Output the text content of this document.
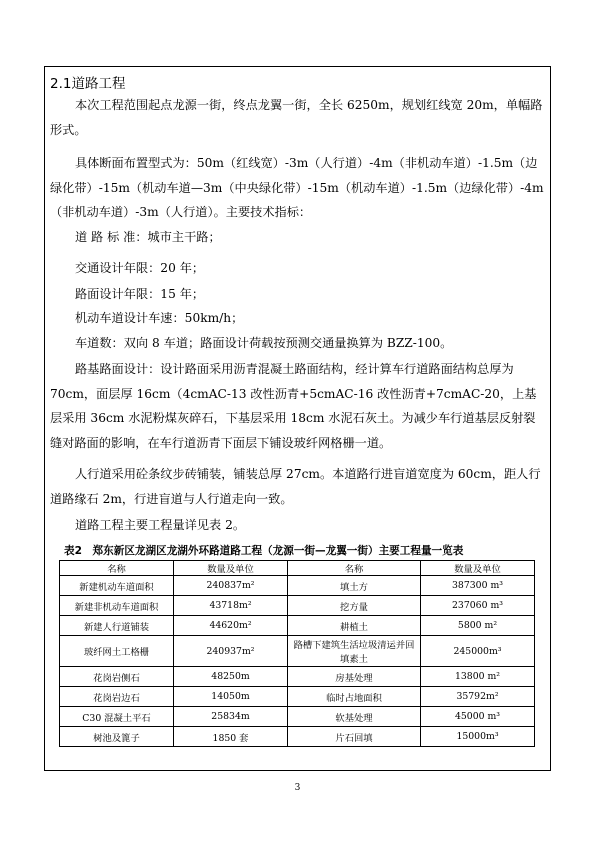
2.1道路工程

本次工程范围起点龙源一街，终点龙翼一街，全长 6250m，规划红线宽 20m，单幅路形式。

具体断面布置型式为：50m（红线宽）-3m（人行道）-4m（非机动车道）-1.5m（边绿化带）-15m（机动车道—3m（中央绿化带）-15m（机动车道）-1.5m（边绿化带）-4m（非机动车道）-3m（人行道）。主要技术指标：

道 路 标 准：城市主干路；
交通设计年限：20 年；
路面设计年限：15 年；
机动车道设计车速：50km/h；
车道数：双向 8 车道；路面设计荷载按预测交通量换算为 BZZ-100。

路基路面设计：设计路面采用沥青混凝土路面结构，经计算车行道路面结构总厚为 70cm，面层厚 16cm（4cmAC-13 改性沥青+5cmAC-16 改性沥青+7cmAC-20，上基层采用 36cm 水泥粉煤灰碎石，下基层采用 18cm 水泥石灰土。为减少车行道基层反射裂缝对路面的影响，在车行道沥青下面层下铺设玻纤网格栅一道。

人行道采用砼条纹步砖铺装，铺装总厚 27cm。本道路行进盲道宽度为 60cm，距人行道路缘石 2m，行进盲道与人行道走向一致。

道路工程主要工程量详见表 2。

表2　郑东新区龙湖区龙湖外环路道路工程（龙源一街—龙翼一街）主要工程量一览表
名称	数量及单位	名称	数量及单位
新建机动车道面积	240837m²	填土方	387300 m³
新建非机动车道面积	43718m²	挖方量	237060 m³
新建人行道铺装	44620m²	耕植土	5800 m²
玻纤网土工格栅	240937m²	路槽下建筑生活垃圾清运并回填素土	245000m³
花岗岩侧石	48250m	房基处理	13800 m²
花岗岩边石	14050m	临时占地面积	35792m²
C30 混凝土平石	25834m	软基处理	45000 m³
树池及篦子	1850 套	片石回填	15000m³
3
